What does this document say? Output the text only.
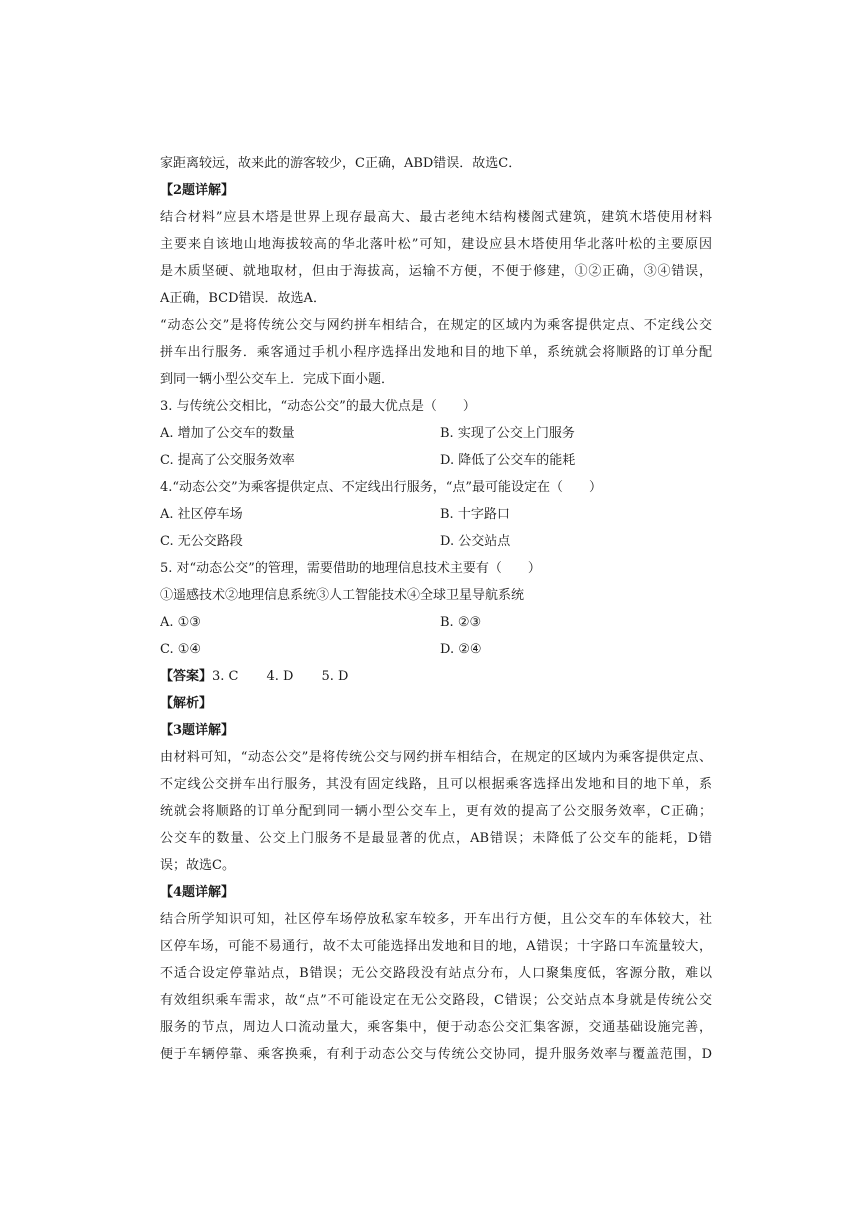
家距离较远，故来此的游客较少，C正确，ABD错误．故选C．
【2题详解】
结合材料”应县木塔是世界上现存最高大、最古老纯木结构楼阁式建筑，建筑木塔使用材料
主要来自该地山地海拔较高的华北落叶松”可知，建设应县木塔使用华北落叶松的主要原因
是木质坚硬、就地取材，但由于海拔高，运输不方便，不便于修建，①②正确，③④错误，
A正确，BCD错误．故选A．
“动态公交”是将传统公交与网约拼车相结合，在规定的区域内为乘客提供定点、不定线公交
拼车出行服务．乘客通过手机小程序选择出发地和目的地下单，系统就会将顺路的订单分配
到同一辆小型公交车上．完成下面小题．
3. 与传统公交相比，“动态公交”的最大优点是（　　）
A. 增加了公交车的数量	B. 实现了公交上门服务
C. 提高了公交服务效率	D. 降低了公交车的能耗
4.“动态公交”为乘客提供定点、不定线出行服务，“点”最可能设定在（　　）
A. 社区停车场	B. 十字路口
C. 无公交路段	D. 公交站点
5. 对“动态公交”的管理，需要借助的地理信息技术主要有（　　）
①遥感技术②地理信息系统③人工智能技术④全球卫星导航系统
A. ①③	B. ②③
C. ①④	D. ②④
【答案】3. C 4. D 5. D
【解析】
【3题详解】
由材料可知，“动态公交”是将传统公交与网约拼车相结合，在规定的区域内为乘客提供定点、
不定线公交拼车出行服务，其没有固定线路，且可以根据乘客选择出发地和目的地下单，系
统就会将顺路的订单分配到同一辆小型公交车上，更有效的提高了公交服务效率，C正确；
公交车的数量、公交上门服务不是最显著的优点，AB错误；未降低了公交车的能耗，D错
误；故选C。
【4题详解】
结合所学知识可知，社区停车场停放私家车较多，开车出行方便，且公交车的车体较大，社
区停车场，可能不易通行，故不太可能选择出发地和目的地，A错误；十字路口车流量较大，
不适合设定停靠站点，B错误；无公交路段没有站点分布，人口聚集度低，客源分散，难以
有效组织乘车需求，故“点”不可能设定在无公交路段，C错误；公交站点本身就是传统公交
服务的节点，周边人口流动量大，乘客集中，便于动态公交汇集客源，交通基础设施完善，
便于车辆停靠、乘客换乘，有利于动态公交与传统公交协同，提升服务效率与覆盖范围，D
